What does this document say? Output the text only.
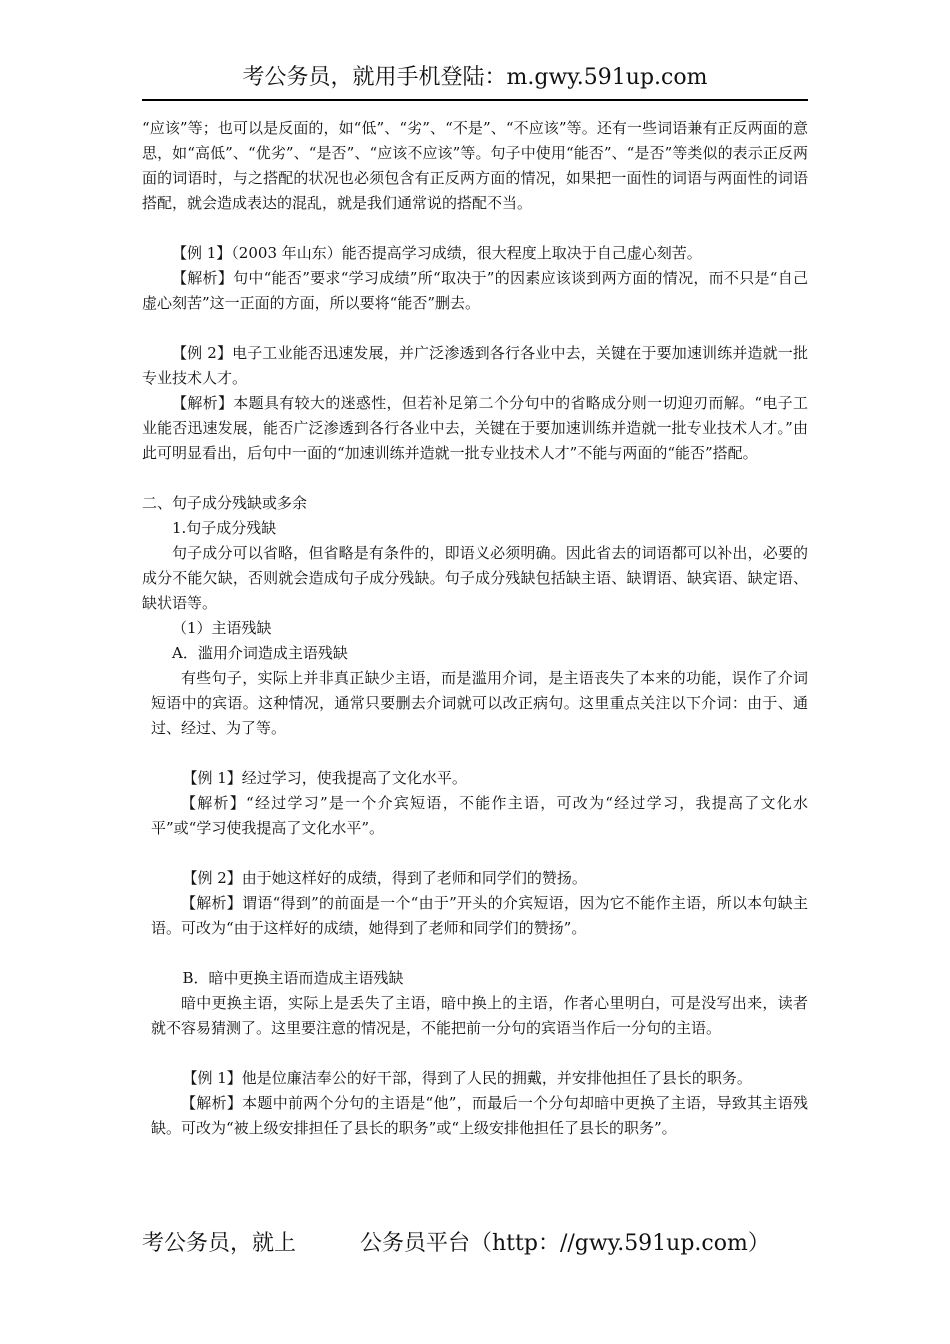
考公务员，就用手机登陆：m.gwy.591up.com

“应该”等；也可以是反面的，如“低”、“劣”、“不是”、“不应该”等。还有一些词语兼有正反两面的意思，如“高低”、“优劣”、“是否”、“应该不应该”等。句子中使用“能否”、“是否”等类似的表示正反两面的词语时，与之搭配的状况也必须包含有正反两方面的情况，如果把一面性的词语与两面性的词语搭配，就会造成表达的混乱，就是我们通常说的搭配不当。

【例 1】（2003 年山东）能否提高学习成绩，很大程度上取决于自己虚心刻苦。

【解析】句中“能否”要求“学习成绩”所“取决于”的因素应该谈到两方面的情况，而不只是“自己虚心刻苦”这一正面的方面，所以要将“能否”删去。

【例 2】电子工业能否迅速发展，并广泛渗透到各行各业中去，关键在于要加速训练并造就一批专业技术人才。

【解析】本题具有较大的迷惑性，但若补足第二个分句中的省略成分则一切迎刃而解。“电子工业能否迅速发展，能否广泛渗透到各行各业中去，关键在于要加速训练并造就一批专业技术人才。”由此可明显看出，后句中一面的“加速训练并造就一批专业技术人才”不能与两面的“能否”搭配。

二、句子成分残缺或多余

1.句子成分残缺

句子成分可以省略，但省略是有条件的，即语义必须明确。因此省去的词语都可以补出，必要的成分不能欠缺，否则就会造成句子成分残缺。句子成分残缺包括缺主语、缺谓语、缺宾语、缺定语、缺状语等。

（1）主语残缺

A．滥用介词造成主语残缺

有些句子，实际上并非真正缺少主语，而是滥用介词，是主语丧失了本来的功能，误作了介词短语中的宾语。这种情况，通常只要删去介词就可以改正病句。这里重点关注以下介词：由于、通过、经过、为了等。

【例 1】经过学习，使我提高了文化水平。

【解析】“经过学习”是一个介宾短语，不能作主语，可改为“经过学习，我提高了文化水平”或“学习使我提高了文化水平”。

【例 2】由于她这样好的成绩，得到了老师和同学们的赞扬。

【解析】谓语“得到”的前面是一个“由于”开头的介宾短语，因为它不能作主语，所以本句缺主语。可改为“由于这样好的成绩，她得到了老师和同学们的赞扬”。

B．暗中更换主语而造成主语残缺

暗中更换主语，实际上是丢失了主语，暗中换上的主语，作者心里明白，可是没写出来，读者就不容易猜测了。这里要注意的情况是，不能把前一分句的宾语当作后一分句的主语。

【例 1】他是位廉洁奉公的好干部，得到了人民的拥戴，并安排他担任了县长的职务。

【解析】本题中前两个分句的主语是“他”，而最后一个分句却暗中更换了主语，导致其主语残缺。可改为“被上级安排担任了县长的职务”或“上级安排他担任了县长的职务”。

考公务员，就上	公务员平台（http：//gwy.591up.com）
